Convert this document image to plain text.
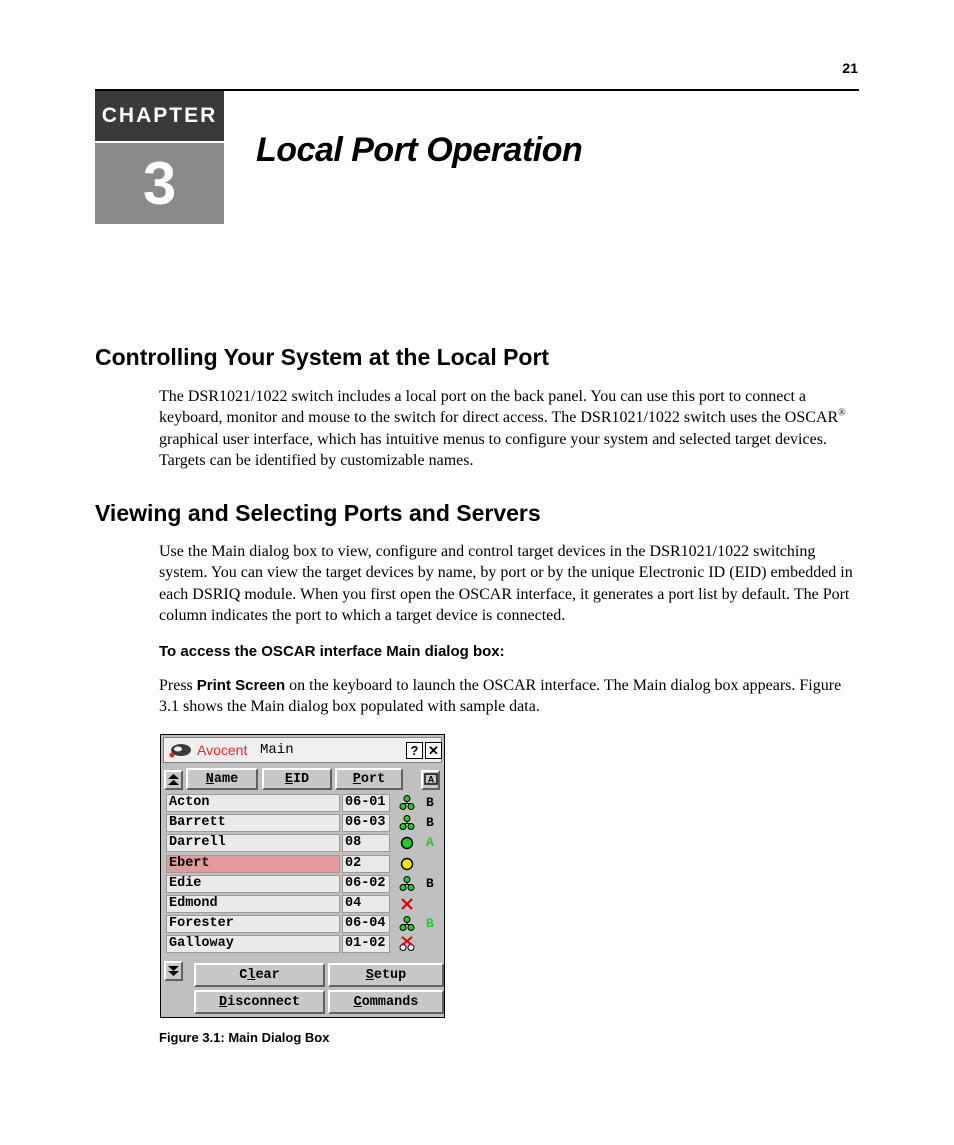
21
CHAPTER
3	Local Port Operation
Controlling Your System at the Local Port

The DSR1021/1022 switch includes a local port on the back panel. You can use this port to connect a keyboard, monitor and mouse to the switch for direct access. The DSR1021/1022 switch uses the OSCAR® graphical user interface, which has intuitive menus to configure your system and selected target devices. Targets can be identified by customizable names.

Viewing and Selecting Ports and Servers

Use the Main dialog box to view, configure and control target devices in the DSR1021/1022 switching system. You can view the target devices by name, by port or by the unique Electronic ID (EID) embedded in each DSRIQ module. When you first open the OSCAR interface, it generates a port list by default. The Port column indicates the port to which a target device is connected.

To access the OSCAR interface Main dialog box:

Press Print Screen on the keyboard to launch the OSCAR interface. The Main dialog box appears. Figure 3.1 shows the Main dialog box populated with sample data.

Avocent Main	? ✕
N ame	E ID	P ort	A
Acton	06-01	B
Barrett	06-03	B
Darrell	08	A
Ebert	02
Edie	06-02	B
Edmond	04
Forester	06-04	B
Galloway	01-02
C l ear	S etup
D isconnect	C ommands
Figure 3.1: Main Dialog Box
